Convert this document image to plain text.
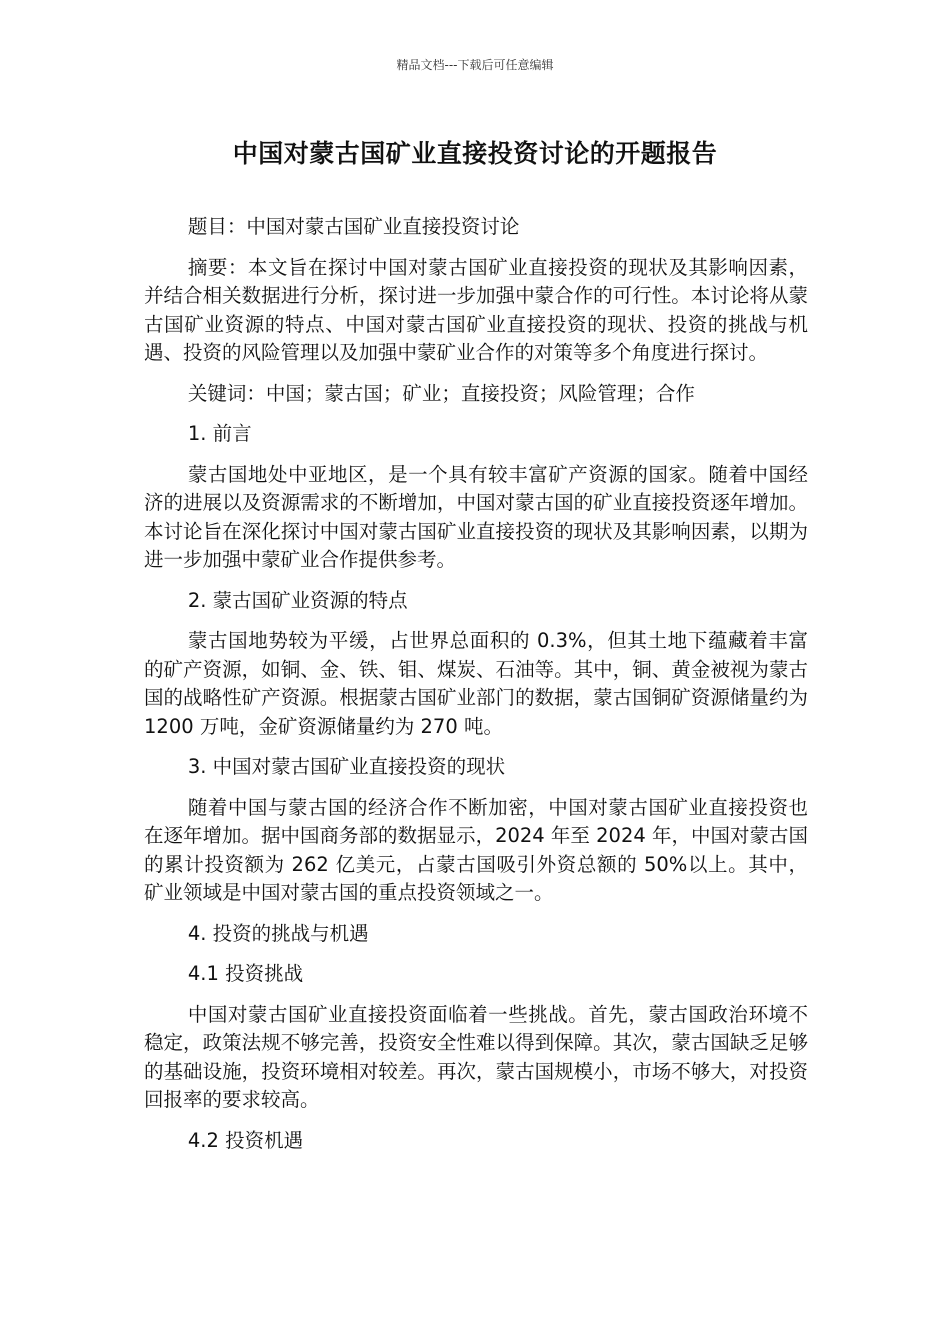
精品文档---下载后可任意编辑
中国对蒙古国矿业直接投资讨论的开题报告

题目：中国对蒙古国矿业直接投资讨论

摘要：本文旨在探讨中国对蒙古国矿业直接投资的现状及其影响因素，并结合相关数据进行分析，探讨进一步加强中蒙合作的可行性。本讨论将从蒙古国矿业资源的特点、中国对蒙古国矿业直接投资的现状、投资的挑战与机遇、投资的风险管理以及加强中蒙矿业合作的对策等多个角度进行探讨。

关键词：中国；蒙古国；矿业；直接投资；风险管理；合作

1. 前言

蒙古国地处中亚地区，是一个具有较丰富矿产资源的国家。随着中国经济的进展以及资源需求的不断增加，中国对蒙古国的矿业直接投资逐年增加。本讨论旨在深化探讨中国对蒙古国矿业直接投资的现状及其影响因素，以期为进一步加强中蒙矿业合作提供参考。

2. 蒙古国矿业资源的特点

蒙古国地势较为平缓，占世界总面积的 0.3%，但其土地下蕴藏着丰富的矿产资源，如铜、金、铁、钼、煤炭、石油等。其中，铜、黄金被视为蒙古国的战略性矿产资源。根据蒙古国矿业部门的数据，蒙古国铜矿资源储量约为 1200 万吨，金矿资源储量约为 270 吨。

3. 中国对蒙古国矿业直接投资的现状

随着中国与蒙古国的经济合作不断加密，中国对蒙古国矿业直接投资也在逐年增加。据中国商务部的数据显示，2024 年至 2024 年，中国对蒙古国的累计投资额为 262 亿美元，占蒙古国吸引外资总额的 50%以上。其中，矿业领域是中国对蒙古国的重点投资领域之一。

4. 投资的挑战与机遇

4.1 投资挑战

中国对蒙古国矿业直接投资面临着一些挑战。首先，蒙古国政治环境不稳定，政策法规不够完善，投资安全性难以得到保障。其次，蒙古国缺乏足够的基础设施，投资环境相对较差。再次，蒙古国规模小，市场不够大，对投资回报率的要求较高。

4.2 投资机遇
